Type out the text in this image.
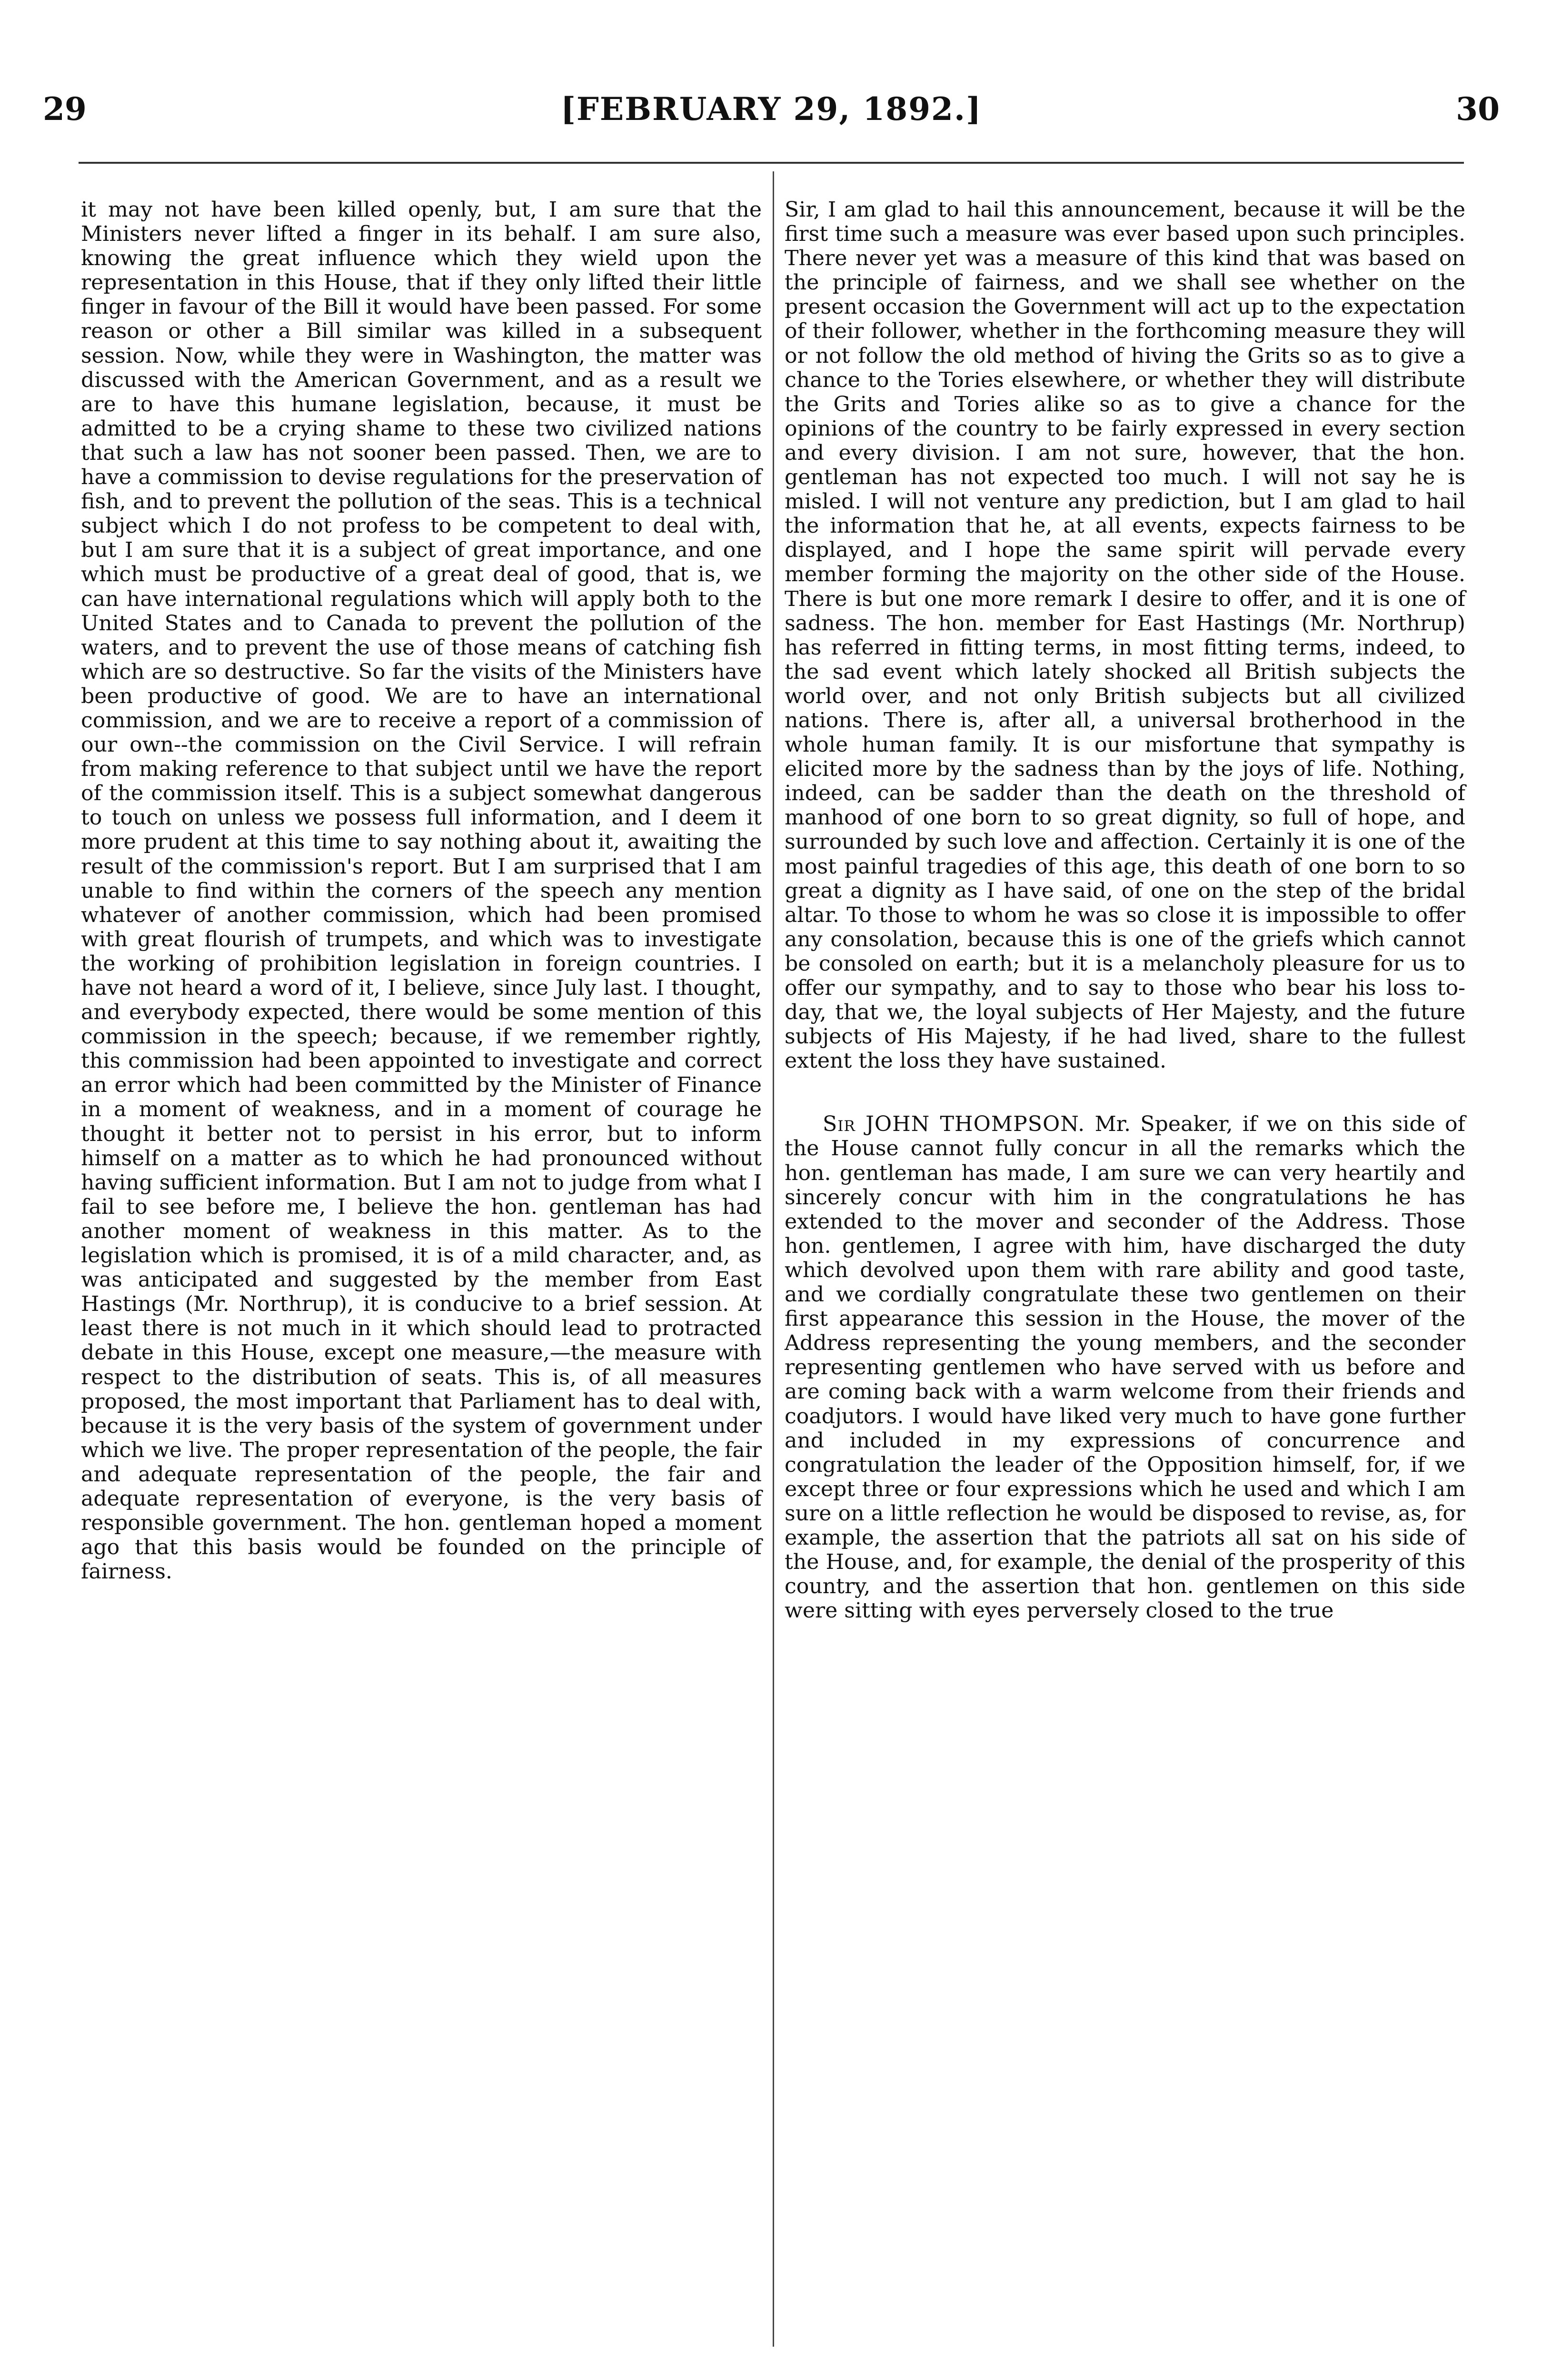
29	[FEBRUARY 29, 1892.]	30

it may not have been killed openly, but, I am sure that the Ministers never lifted a finger in its behalf. I am sure also, knowing the great influence which they wield upon the representation in this House, that if they only lifted their little finger in favour of the Bill it would have been passed. For some reason or other a Bill similar was killed in a subsequent session. Now, while they were in Washington, the matter was discussed with the American Government, and as a result we are to have this humane legislation, because, it must be admitted to be a crying shame to these two civilized nations that such a law has not sooner been passed. Then, we are to have a commission to devise regulations for the preservation of fish, and to prevent the pollution of the seas. This is a technical subject which I do not profess to be competent to deal with, but I am sure that it is a subject of great importance, and one which must be productive of a great deal of good, that is, we can have international regulations which will apply both to the United States and to Canada to prevent the pollution of the waters, and to prevent the use of those means of catching fish which are so destructive. So far the visits of the Ministers have been productive of good. We are to have an international commission, and we are to receive a report of a commission of our own--the commission on the Civil Service. I will refrain from making reference to that subject until we have the report of the commission itself. This is a subject somewhat dangerous to touch on unless we possess full information, and I deem it more prudent at this time to say nothing about it, awaiting the result of the commission's report. But I am surprised that I am unable to find within the corners of the speech any mention whatever of another commission, which had been promised with great flourish of trumpets, and which was to investigate the working of prohibition legislation in foreign countries. I have not heard a word of it, I believe, since July last. I thought, and everybody expected, there would be some mention of this commission in the speech; because, if we remember rightly, this commission had been appointed to investigate and correct an error which had been committed by the Minister of Finance in a moment of weakness, and in a moment of courage he thought it better not to persist in his error, but to inform himself on a matter as to which he had pronounced without having sufficient information. But I am not to judge from what I fail to see before me, I believe the hon. gentleman has had another moment of weakness in this matter. As to the legislation which is promised, it is of a mild character, and, as was anticipated and suggested by the member from East Hastings (Mr. Northrup), it is conducive to a brief session. At least there is not much in it which should lead to protracted debate in this House, except one measure,—the measure with respect to the distribution of seats. This is, of all measures proposed, the most important that Parliament has to deal with, because it is the very basis of the system of government under which we live. The proper representation of the people, the fair and adequate representation of the people, the fair and adequate representation of everyone, is the very basis of responsible government. The hon. gentleman hoped a moment ago that this basis would be founded on the principle of fairness.

Sir, I am glad to hail this announcement, because it will be the first time such a measure was ever based upon such principles. There never yet was a measure of this kind that was based on the principle of fairness, and we shall see whether on the present occasion the Government will act up to the expectation of their follower, whether in the forthcoming measure they will or not follow the old method of hiving the Grits so as to give a chance to the Tories elsewhere, or whether they will distribute the Grits and Tories alike so as to give a chance for the opinions of the country to be fairly expressed in every section and every division. I am not sure, however, that the hon. gentleman has not expected too much. I will not say he is misled. I will not venture any prediction, but I am glad to hail the information that he, at all events, expects fairness to be displayed, and I hope the same spirit will pervade every member forming the majority on the other side of the House. There is but one more remark I desire to offer, and it is one of sadness. The hon. member for East Hastings (Mr. Northrup) has referred in fitting terms, in most fitting terms, indeed, to the sad event which lately shocked all British subjects the world over, and not only British subjects but all civilized nations. There is, after all, a universal brotherhood in the whole human family. It is our misfortune that sympathy is elicited more by the sadness than by the joys of life. Nothing, indeed, can be sadder than the death on the threshold of manhood of one born to so great dignity, so full of hope, and surrounded by such love and affection. Certainly it is one of the most painful tragedies of this age, this death of one born to so great a dignity as I have said, of one on the step of the bridal altar. To those to whom he was so close it is impossible to offer any consolation, because this is one of the griefs which cannot be consoled on earth; but it is a melancholy pleasure for us to offer our sympathy, and to say to those who bear his loss to-day, that we, the loyal subjects of Her Majesty, and the future subjects of His Majesty, if he had lived, share to the fullest extent the loss they have sustained.

Sir JOHN THOMPSON. Mr. Speaker, if we on this side of the House cannot fully concur in all the remarks which the hon. gentleman has made, I am sure we can very heartily and sincerely concur with him in the congratulations he has extended to the mover and seconder of the Address. Those hon. gentlemen, I agree with him, have discharged the duty which devolved upon them with rare ability and good taste, and we cordially congratulate these two gentlemen on their first appearance this session in the House, the mover of the Address representing the young members, and the seconder representing gentlemen who have served with us before and are coming back with a warm welcome from their friends and coadjutors. I would have liked very much to have gone further and included in my expressions of concurrence and congratulation the leader of the Opposition himself, for, if we except three or four expressions which he used and which I am sure on a little reflection he would be disposed to revise, as, for example, the assertion that the patriots all sat on his side of the House, and, for example, the denial of the prosperity of this country, and the assertion that hon. gentlemen on this side were sitting with eyes perversely closed to the true
